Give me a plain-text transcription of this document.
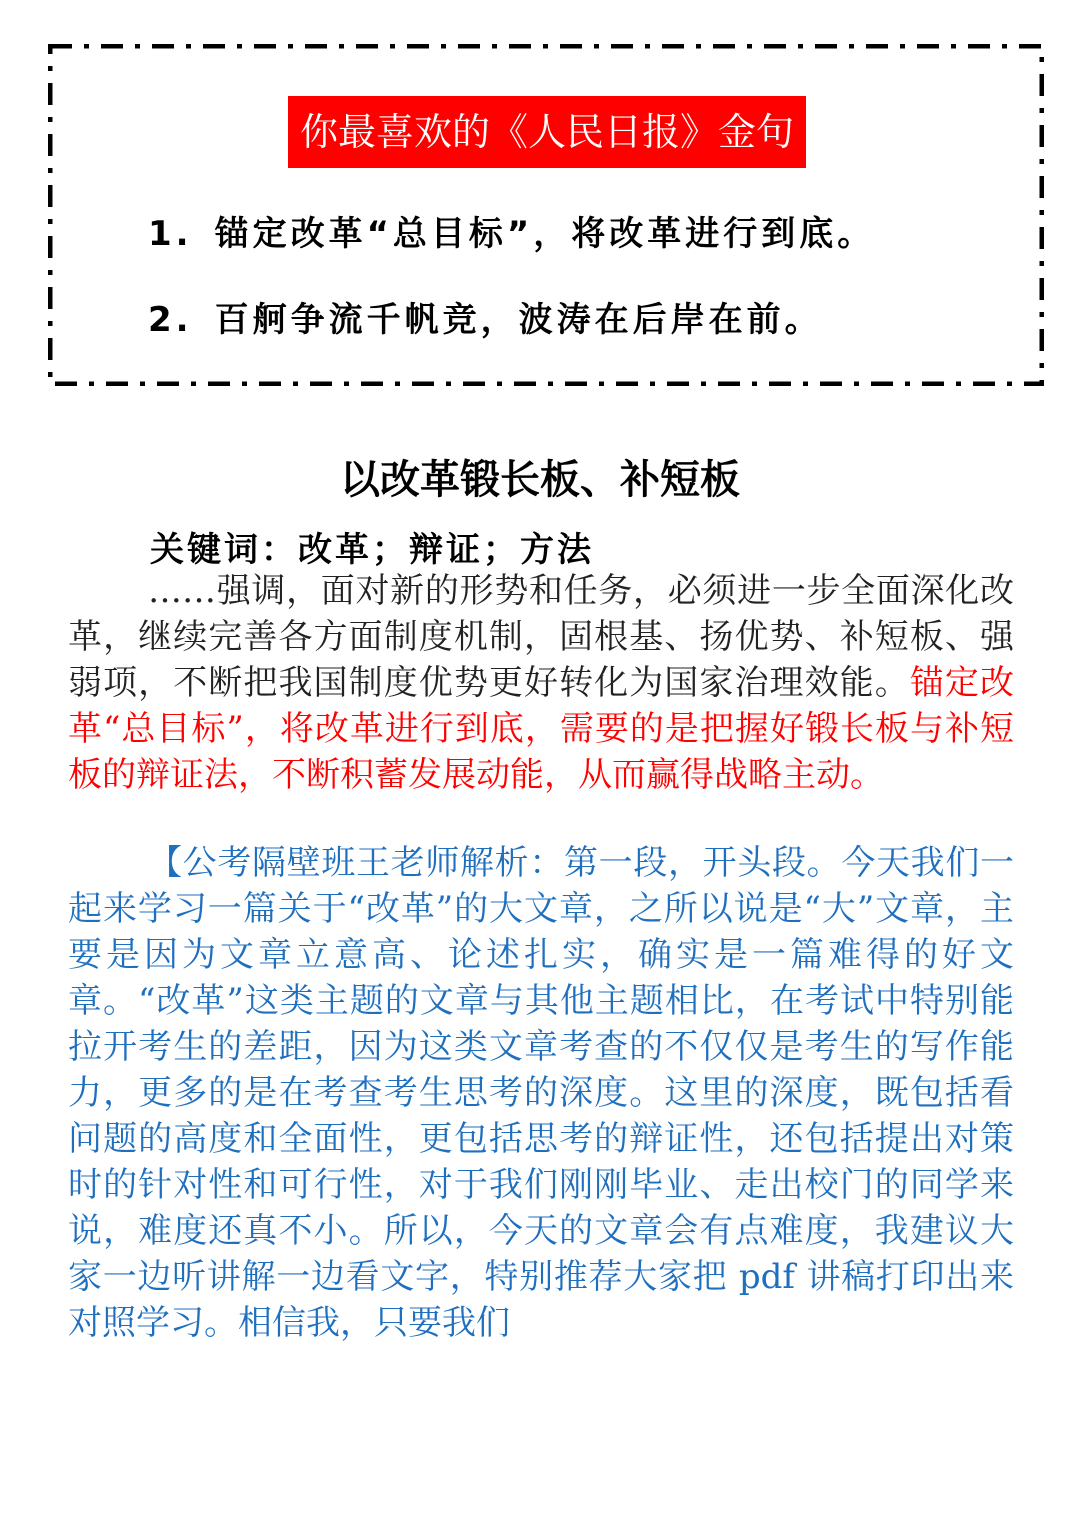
你最喜欢的《人民日报》金句
1. 锚定改革“总目标”，将改革进行到底。
2. 百舸争流千帆竞，波涛在后岸在前。
以改革锻长板、补短板
关键词：改革；辩证；方法

……强调，面对新的形势和任务，必须进一步全面深化改革，继续完善各方面制度机制，固根基、扬优势、补短板、强弱项，不断把我国制度优势更好转化为国家治理效能。锚定改革“总目标”，将改革进行到底，需要的是把握好锻长板与补短板的辩证法，不断积蓄发展动能，从而赢得战略主动。

【公考隔壁班王老师解析：第一段，开头段。今天我们一起来学习一篇关于“改革”的大文章，之所以说是“大”文章，主要是因为文章立意高、论述扎实，确实是一篇难得的好文章。“改革”这类主题的文章与其他主题相比，在考试中特别能拉开考生的差距，因为这类文章考查的不仅仅是考生的写作能力，更多的是在考查考生思考的深度。这里的深度，既包括看问题的高度和全面性，更包括思考的辩证性，还包括提出对策时的针对性和可行性，对于我们刚刚毕业、走出校门的同学来说，难度还真不小。所以，今天的文章会有点难度，我建议大家一边听讲解一边看文字，特别推荐大家把 pdf 讲稿打印出来对照学习。相信我，只要我们
